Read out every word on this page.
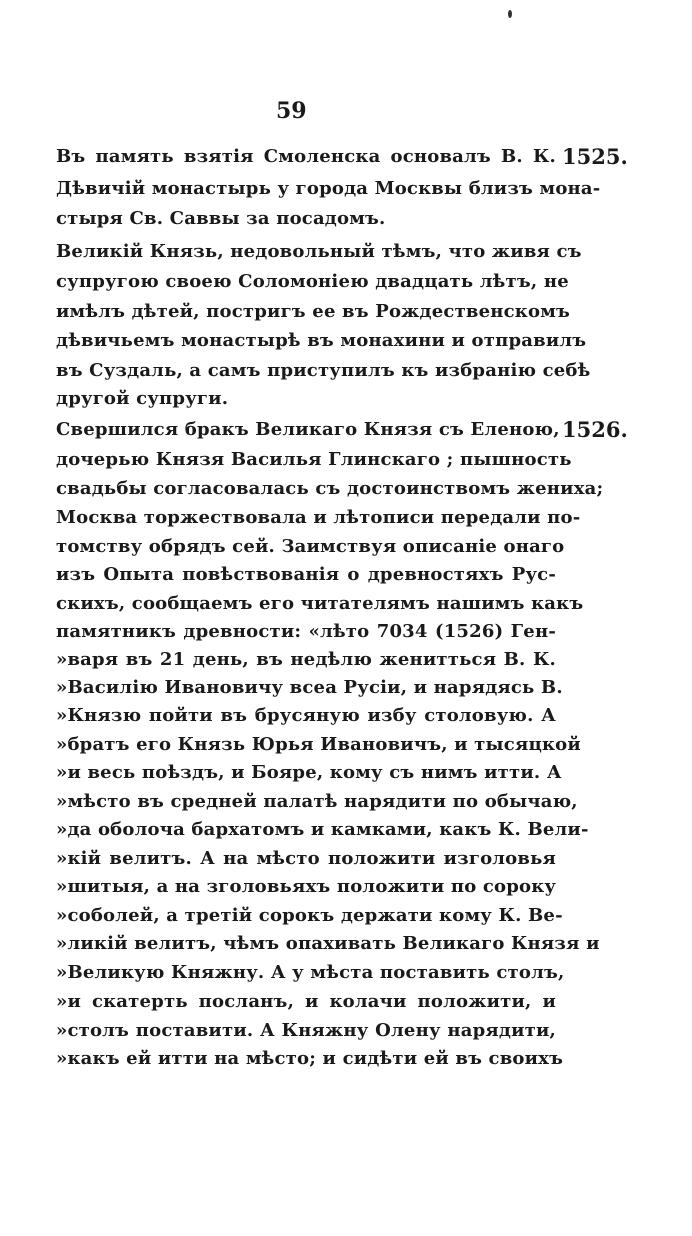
59
Въ память взятія Смоленска основалъ В. К. 1525.
Дѣвичій монастырь у города Москвы близъ мона-
стыря Св. Саввы за посадомъ.
Великій Князь, недовольный тѣмъ, что живя съ
супругою своею Соломоніею двадцать лѣтъ, не
имѣлъ дѣтей, постригъ ее въ Рождественскомъ
дѣвичьемъ монастырѣ въ монахини и отправилъ
въ Суздаль, а самъ приступилъ къ избранію себѣ
другой супруги.
Свершился бракъ Великаго Князя съ Еленою, 1526.
дочерью Князя Василья Глинскаго ; пышность
свадьбы согласовалась съ достоинствомъ жениха;
Москва торжествовала и лѣтописи передали по-
томству обрядъ сей. Заимствуя описаніе онаго
изъ Опыта повѣствованія о древностяхъ Рус-
скихъ, сообщаемъ его читателямъ нашимъ какъ
памятникъ древности: «лѣто 7034 (1526) Ген-
»варя въ 21 день, въ недѣлю женитться В. К.
»Василію Ивановичу всеа Русіи, и нарядясь В.
»Князю пойти въ брусяную избу столовую. А
»братъ его Князь Юрья Ивановичъ, и тысяцкой
»и весь поѣздъ, и Бояре, кому съ нимъ итти. А
»мѣсто въ средней палатѣ нарядити по обычаю,
»да оболоча бархатомъ и камками, какъ К. Вели-
»кій велитъ. А на мѣсто положити изголовья
»шитыя, а на зголовьяхъ положити по сороку
»соболей, а третій сорокъ держати кому К. Ве-
»ликій велитъ, чѣмъ опахивать Великаго Князя и
»Великую Княжну. А у мѣста поставить столъ,
»и скатерть посланъ, и колачи положити, и
»столъ поставити. А Княжну Олену нарядити,
»какъ ей итти на мѣсто; и сидѣти ей въ своихъ
